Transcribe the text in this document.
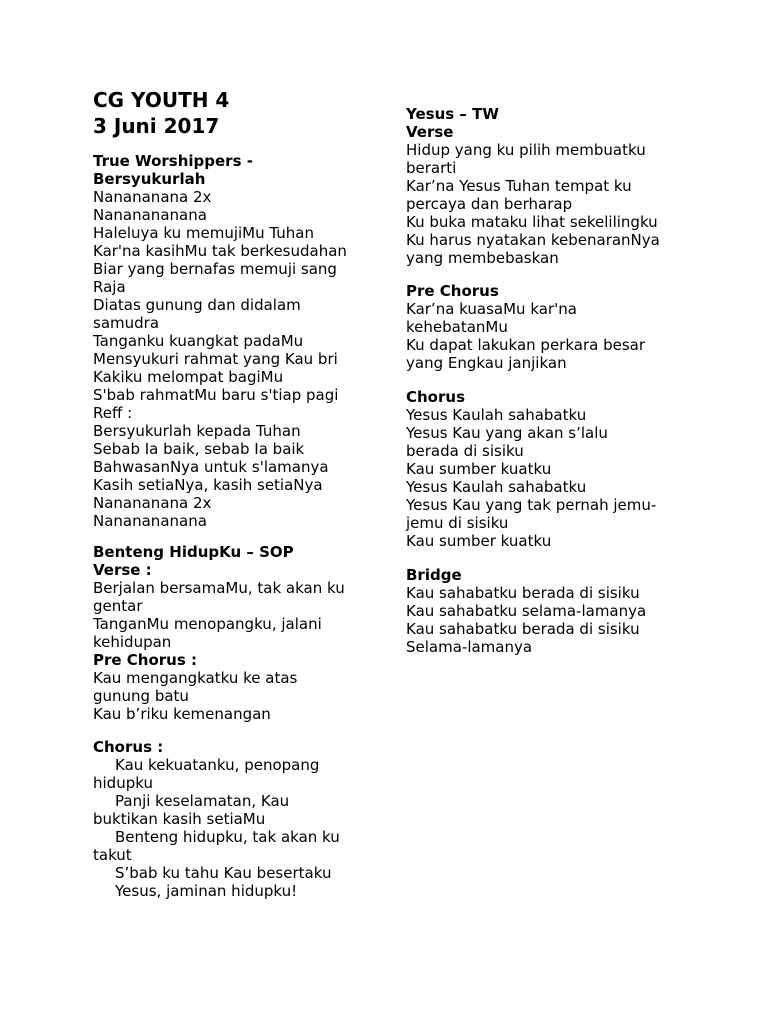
CG YOUTH 4
3 Juni 2017
True Worshippers -
Bersyukurlah
Nanananana 2x
Nananananana
Haleluya ku memujiMu Tuhan
Kar'na kasihMu tak berkesudahan
Biar yang bernafas memuji sang
Raja
Diatas gunung dan didalam
samudra
Tanganku kuangkat padaMu
Mensyukuri rahmat yang Kau bri
Kakiku melompat bagiMu
S'bab rahmatMu baru s'tiap pagi
Reff :
Bersyukurlah kepada Tuhan
Sebab Ia baik, sebab Ia baik
BahwasanNya untuk s'lamanya
Kasih setiaNya, kasih setiaNya
Nanananana 2x
Nananananana
Benteng HidupKu – SOP
Verse :
Berjalan bersamaMu, tak akan ku
gentar
TanganMu menopangku, jalani
kehidupan
Pre Chorus :
Kau mengangkatku ke atas
gunung batu
Kau b’riku kemenangan
Chorus :
Kau kekuatanku, penopang
hidupku
Panji keselamatan, Kau
buktikan kasih setiaMu
Benteng hidupku, tak akan ku
takut
S’bab ku tahu Kau besertaku
Yesus, jaminan hidupku!
Yesus – TW
Verse
Hidup yang ku pilih membuatku
berarti
Kar’na Yesus Tuhan tempat ku
percaya dan berharap
Ku buka mataku lihat sekelilingku
Ku harus nyatakan kebenaranNya
yang membebaskan
Pre Chorus
Kar’na kuasaMu kar'na
kehebatanMu
Ku dapat lakukan perkara besar
yang Engkau janjikan
Chorus
Yesus Kaulah sahabatku
Yesus Kau yang akan s’lalu
berada di sisiku
Kau sumber kuatku
Yesus Kaulah sahabatku
Yesus Kau yang tak pernah jemu-
jemu di sisiku
Kau sumber kuatku
Bridge
Kau sahabatku berada di sisiku
Kau sahabatku selama-lamanya
Kau sahabatku berada di sisiku
Selama-lamanya
